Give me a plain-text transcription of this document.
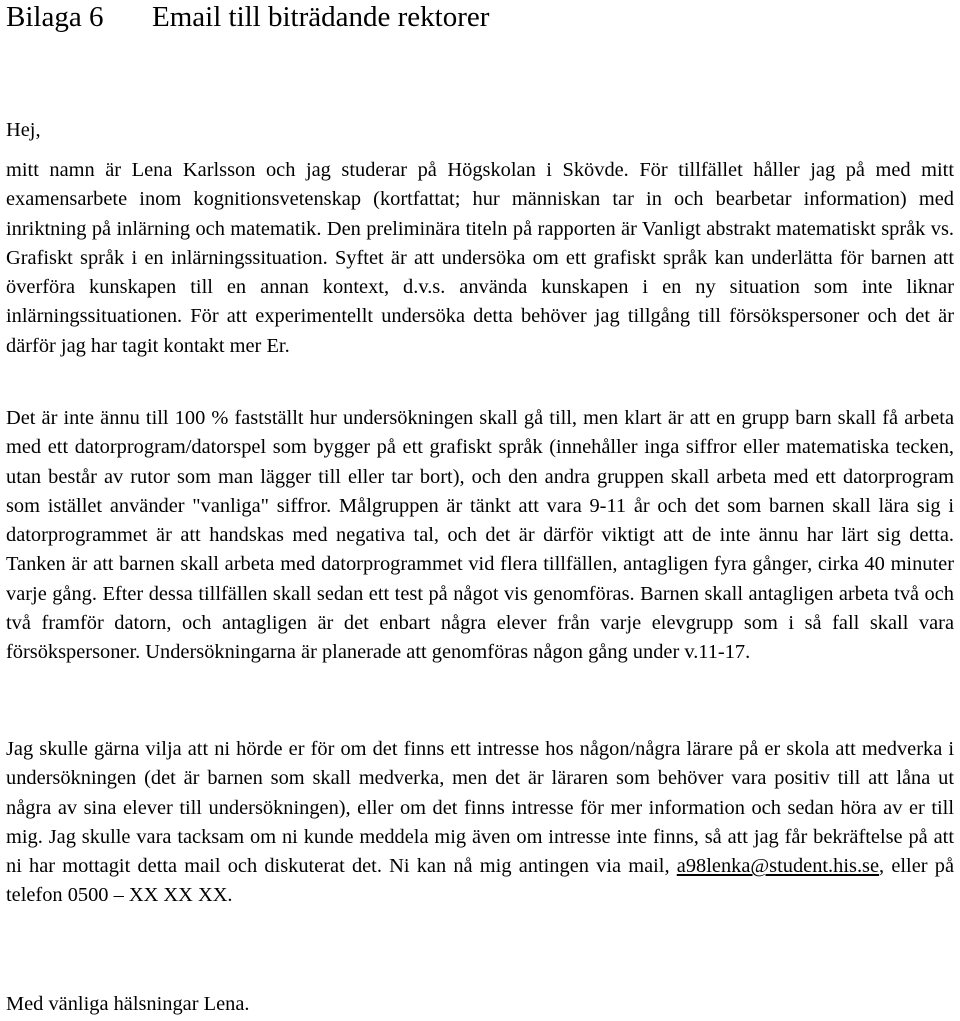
Bilaga 6 Email till biträdande rektorer
Hej,
mitt namn är Lena Karlsson och jag studerar på Högskolan i Skövde. För tillfället håller jag på med mitt examensarbete inom kognitionsvetenskap (kortfattat; hur människan tar in och bearbetar information) med inriktning på inlärning och matematik. Den preliminära titeln på rapporten är Vanligt abstrakt matematiskt språk vs. Grafiskt språk i en inlärningssituation. Syftet är att undersöka om ett grafiskt språk kan underlätta för barnen att överföra kunskapen till en annan kontext, d.v.s. använda kunskapen i en ny situation som inte liknar inlärningssituationen. För att experimentellt undersöka detta behöver jag tillgång till försökspersoner och det är därför jag har tagit kontakt mer Er.
Det är inte ännu till 100 % fastställt hur undersökningen skall gå till, men klart är att en grupp barn skall få arbeta med ett datorprogram/datorspel som bygger på ett grafiskt språk (innehåller inga siffror eller matematiska tecken, utan består av rutor som man lägger till eller tar bort), och den andra gruppen skall arbeta med ett datorprogram som istället använder "vanliga" siffror. Målgruppen är tänkt att vara 9-11 år och det som barnen skall lära sig i datorprogrammet är att handskas med negativa tal, och det är därför viktigt att de inte ännu har lärt sig detta. Tanken är att barnen skall arbeta med datorprogrammet vid flera tillfällen, antagligen fyra gånger, cirka 40 minuter varje gång. Efter dessa tillfällen skall sedan ett test på något vis genomföras. Barnen skall antagligen arbeta två och två framför datorn, och antagligen är det enbart några elever från varje elevgrupp som i så fall skall vara försökspersoner. Undersökningarna är planerade att genomföras någon gång under v.11-17.
Jag skulle gärna vilja att ni hörde er för om det finns ett intresse hos någon/några lärare på er skola att medverka i undersökningen (det är barnen som skall medverka, men det är läraren som behöver vara positiv till att låna ut några av sina elever till undersökningen), eller om det finns intresse för mer information och sedan höra av er till mig. Jag skulle vara tacksam om ni kunde meddela mig även om intresse inte finns, så att jag får bekräftelse på att ni har mottagit detta mail och diskuterat det. Ni kan nå mig antingen via mail, a98lenka@student.his.se, eller på telefon 0500 – XX XX XX.
Med vänliga hälsningar Lena.
